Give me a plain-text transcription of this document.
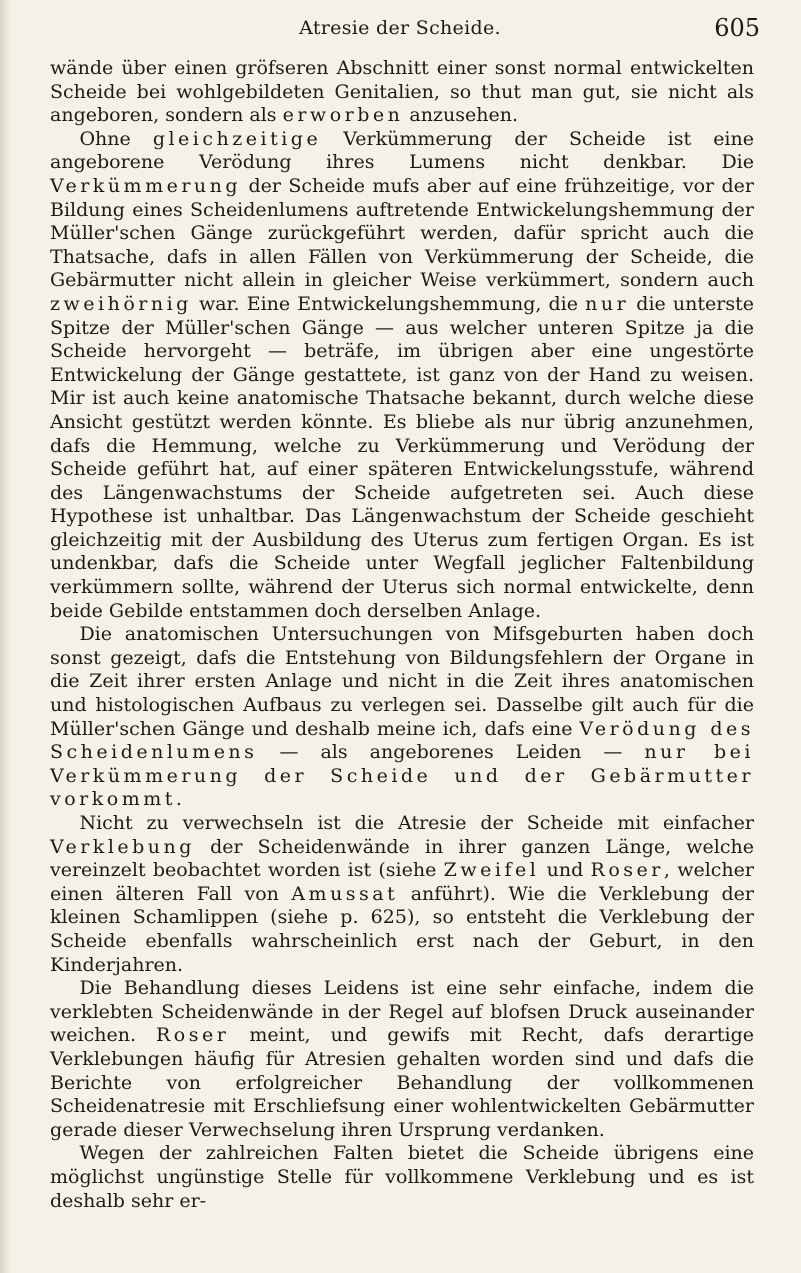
Atresie der Scheide.	605

wände über einen gröfseren Abschnitt einer sonst normal entwickelten Scheide bei wohlgebildeten Genitalien, so thut man gut, sie nicht als angeboren, sondern als erworben anzusehen.

Ohne gleichzeitige Verkümmerung der Scheide ist eine angeborene Verödung ihres Lumens nicht denkbar. Die Verkümmerung der Scheide mufs aber auf eine frühzeitige, vor der Bildung eines Scheidenlumens auftretende Entwickelungshemmung der Müller'schen Gänge zurückgeführt werden, dafür spricht auch die Thatsache, dafs in allen Fällen von Verkümmerung der Scheide, die Gebärmutter nicht allein in gleicher Weise verkümmert, sondern auch zweihörnig war. Eine Entwickelungshemmung, die nur die unterste Spitze der Müller'schen Gänge — aus welcher unteren Spitze ja die Scheide hervorgeht — beträfe, im übrigen aber eine ungestörte Entwickelung der Gänge gestattete, ist ganz von der Hand zu weisen. Mir ist auch keine anatomische Thatsache bekannt, durch welche diese Ansicht gestützt werden könnte. Es bliebe als nur übrig anzunehmen, dafs die Hemmung, welche zu Verkümmerung und Verödung der Scheide geführt hat, auf einer späteren Entwickelungsstufe, während des Längenwachstums der Scheide aufgetreten sei. Auch diese Hypothese ist unhaltbar. Das Längenwachstum der Scheide geschieht gleichzeitig mit der Ausbildung des Uterus zum fertigen Organ. Es ist undenkbar, dafs die Scheide unter Wegfall jeglicher Faltenbildung verkümmern sollte, während der Uterus sich normal entwickelte, denn beide Gebilde entstammen doch derselben Anlage.

Die anatomischen Untersuchungen von Mifsgeburten haben doch sonst gezeigt, dafs die Entstehung von Bildungsfehlern der Organe in die Zeit ihrer ersten Anlage und nicht in die Zeit ihres anatomischen und histologischen Aufbaus zu verlegen sei. Dasselbe gilt auch für die Müller'schen Gänge und deshalb meine ich, dafs eine Verödung des Scheidenlumens — als angeborenes Leiden — nur bei Verkümmerung der Scheide und der Gebärmutter vorkommt.

Nicht zu verwechseln ist die Atresie der Scheide mit einfacher Verklebung der Scheidenwände in ihrer ganzen Länge, welche vereinzelt beobachtet worden ist (siehe Zweifel und Roser, welcher einen älteren Fall von Amussat anführt). Wie die Verklebung der kleinen Schamlippen (siehe p. 625), so entsteht die Verklebung der Scheide ebenfalls wahrscheinlich erst nach der Geburt, in den Kinderjahren.

Die Behandlung dieses Leidens ist eine sehr einfache, indem die verklebten Scheidenwände in der Regel auf blofsen Druck auseinander weichen. Roser meint, und gewifs mit Recht, dafs derartige Verklebungen häufig für Atresien gehalten worden sind und dafs die Berichte von erfolgreicher Behandlung der vollkommenen Scheidenatresie mit Erschliefsung einer wohlentwickelten Gebärmutter gerade dieser Verwechselung ihren Ursprung verdanken.

Wegen der zahlreichen Falten bietet die Scheide übrigens eine möglichst ungünstige Stelle für vollkommene Verklebung und es ist deshalb sehr er-
